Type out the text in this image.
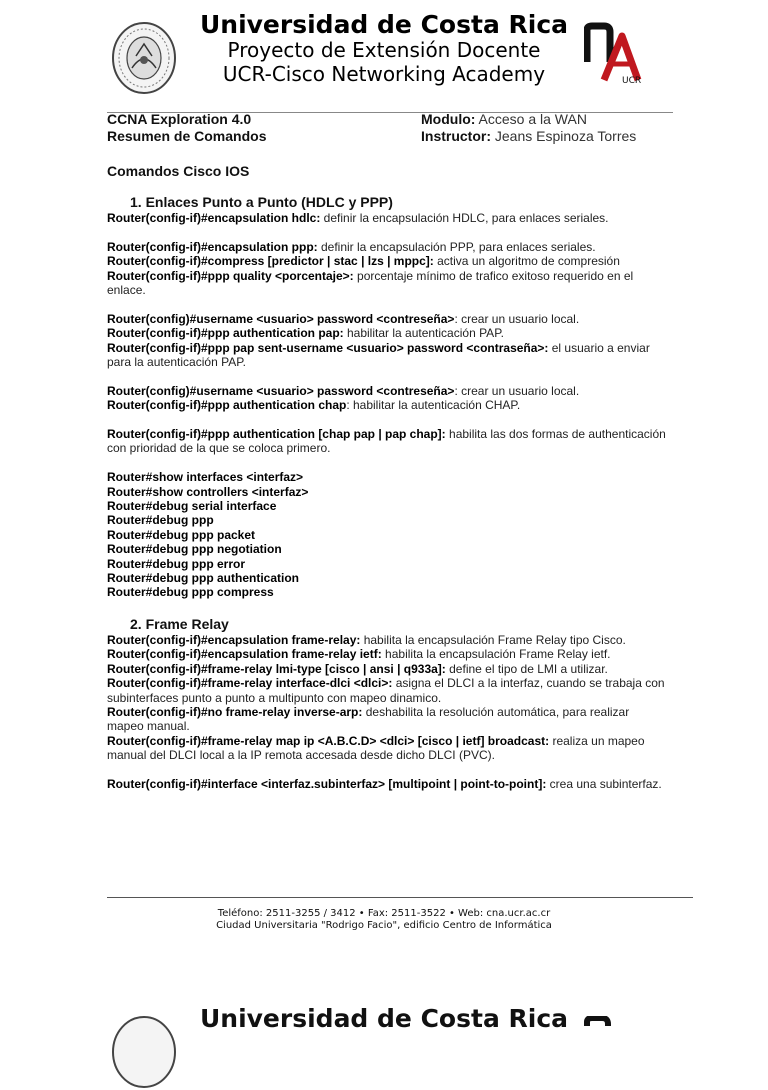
Universidad de Costa Rica
Proyecto de Extensión Docente
UCR-Cisco Networking Academy	UCR
CCNA Exploration 4.0
Resumen de Comandos
Modulo: Acceso a la WAN
Instructor: Jeans Espinoza Torres
Comandos Cisco IOS
1. Enlaces Punto a Punto (HDLC y PPP)
Router(config-if)#encapsulation hdlc: definir la encapsulación HDLC, para enlaces seriales.
Router(config-if)#encapsulation ppp: definir la encapsulación PPP, para enlaces seriales.
Router(config-if)#compress [predictor | stac | lzs | mppc]: activa un algoritmo de compresión
Router(config-if)#ppp quality <porcentaje>: porcentaje mínimo de trafico exitoso requerido en el enlace.
Router(config)#username <usuario> password <contreseña>: crear un usuario local.
Router(config-if)#ppp authentication pap: habilitar la autenticación PAP.
Router(config-if)#ppp pap sent-username <usuario> password <contraseña>: el usuario a enviar para la autenticación PAP.
Router(config)#username <usuario> password <contreseña>: crear un usuario local.
Router(config-if)#ppp authentication chap: habilitar la autenticación CHAP.
Router(config-if)#ppp authentication [chap pap | pap chap]: habilita las dos formas de authenticación con prioridad de la que se coloca primero.
Router#show interfaces <interfaz>
Router#show controllers <interfaz>
Router#debug serial interface
Router#debug ppp
Router#debug ppp packet
Router#debug ppp negotiation
Router#debug ppp error
Router#debug ppp authentication
Router#debug ppp compress
2. Frame Relay
Router(config-if)#encapsulation frame-relay: habilita la encapsulación Frame Relay tipo Cisco.
Router(config-if)#encapsulation frame-relay ietf: habilita la encapsulación Frame Relay ietf.
Router(config-if)#frame-relay lmi-type [cisco | ansi | q933a]: define el tipo de LMI a utilizar.
Router(config-if)#frame-relay interface-dlci <dlci>: asigna el DLCI a la interfaz, cuando se trabaja con subinterfaces punto a punto a multipunto con mapeo dinamico.
Router(config-if)#no frame-relay inverse-arp: deshabilita la resolución automática, para realizar mapeo manual.
Router(config-if)#frame-relay map ip <A.B.C.D> <dlci> [cisco | ietf] broadcast: realiza un mapeo manual del DLCI local a la IP remota accesada desde dicho DLCI (PVC).
Router(config-if)#interface <interfaz.subinterfaz> [multipoint | point-to-point]: crea una subinterfaz.
Teléfono: 2511-3255 / 3412 • Fax: 2511-3522 • Web: cna.ucr.ac.cr
Ciudad Universitaria "Rodrigo Facio", edificio Centro de Informática
Universidad de Costa Rica
